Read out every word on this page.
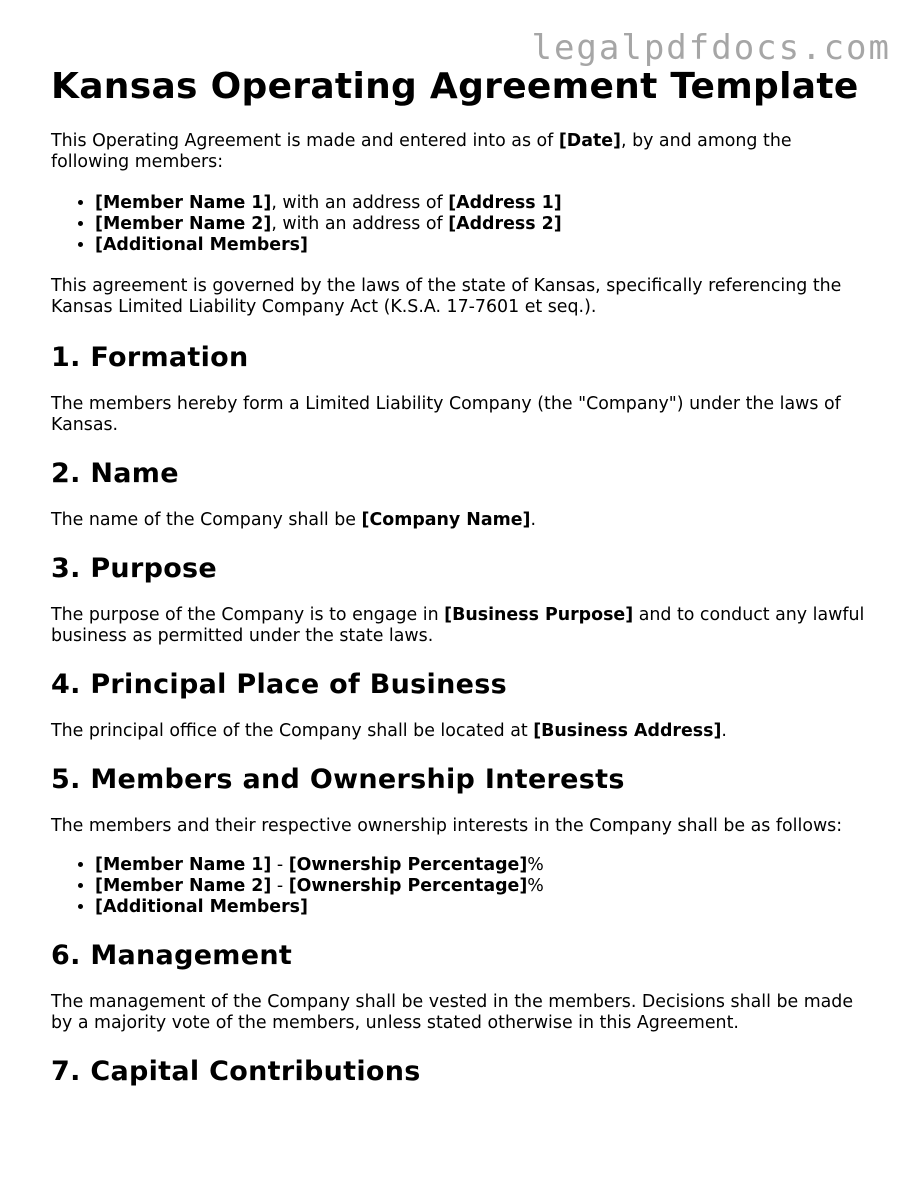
legalpdfdocs.com
Kansas Operating Agreement Template

This Operating Agreement is made and entered into as of [Date], by and among the following members:

• [Member Name 1], with an address of [Address 1]
• [Member Name 2], with an address of [Address 2]
• [Additional Members]

This agreement is governed by the laws of the state of Kansas, specifically referencing the Kansas Limited Liability Company Act (K.S.A. 17-7601 et seq.).

1. Formation

The members hereby form a Limited Liability Company (the "Company") under the laws of Kansas.

2. Name

The name of the Company shall be [Company Name].

3. Purpose

The purpose of the Company is to engage in [Business Purpose] and to conduct any lawful business as permitted under the state laws.

4. Principal Place of Business

The principal office of the Company shall be located at [Business Address].

5. Members and Ownership Interests

The members and their respective ownership interests in the Company shall be as follows:

• [Member Name 1] - [Ownership Percentage]%
• [Member Name 2] - [Ownership Percentage]%
• [Additional Members]
6. Management

The management of the Company shall be vested in the members. Decisions shall be made by a majority vote of the members, unless stated otherwise in this Agreement.

7. Capital Contributions
